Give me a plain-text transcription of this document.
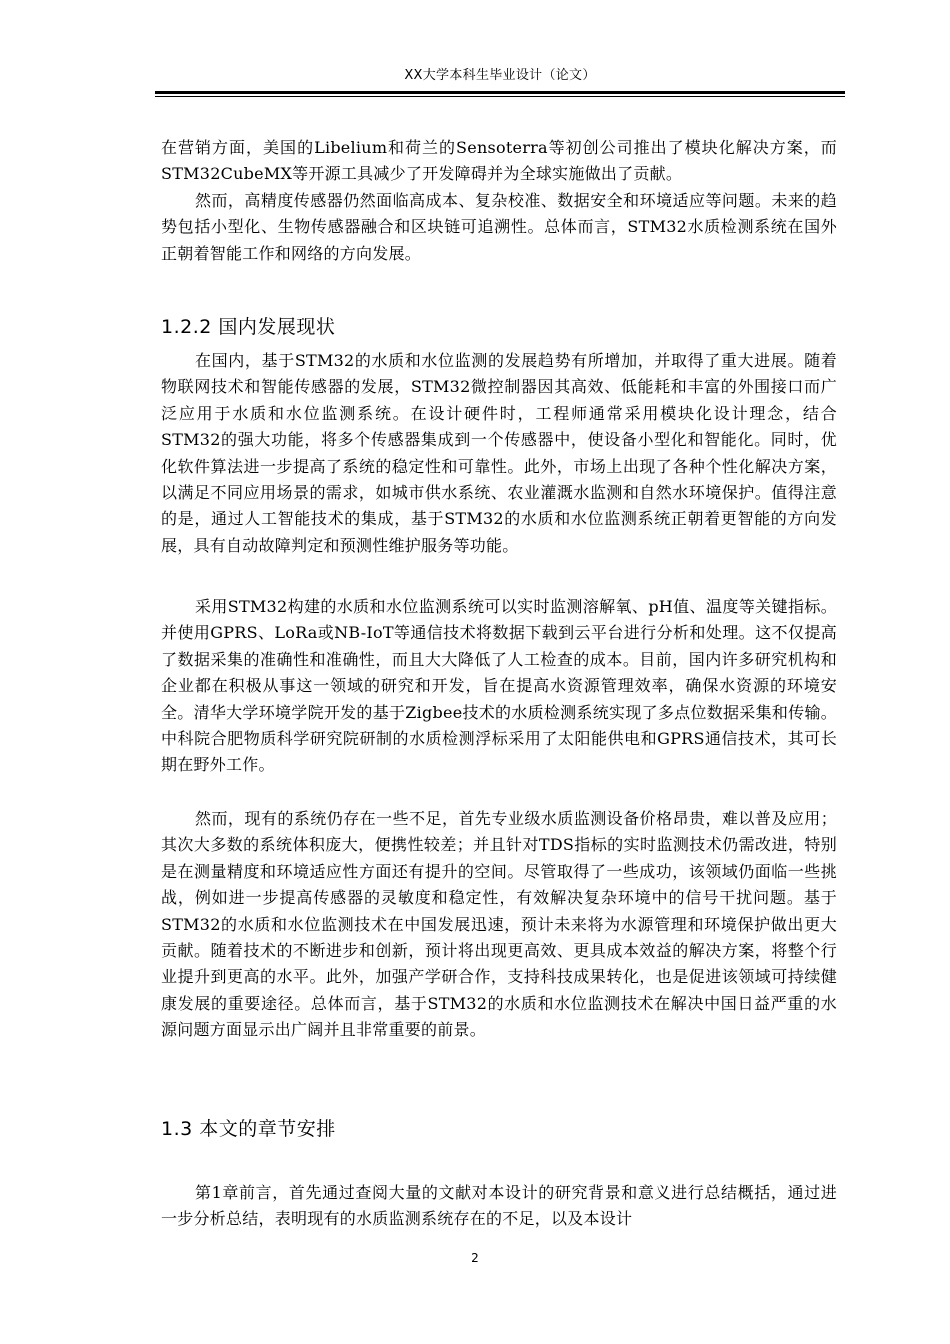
XX大学本科生毕业设计（论文）

在营销方面，美国的Libelium和荷兰的Sensoterra等初创公司推出了模块化解决方案，而STM32CubeMX等开源工具减少了开发障碍并为全球实施做出了贡献。

然而，高精度传感器仍然面临高成本、复杂校准、数据安全和环境适应等问题。未来的趋势包括小型化、生物传感器融合和区块链可追溯性。总体而言，STM32水质检测系统在国外正朝着智能工作和网络的方向发展。

1.2.2 国内发展现状

在国内，基于STM32的水质和水位监测的发展趋势有所增加，并取得了重大进展。随着物联网技术和智能传感器的发展，STM32微控制器因其高效、低能耗和丰富的外围接口而广泛应用于水质和水位监测系统。在设计硬件时，工程师通常采用模块化设计理念，结合STM32的强大功能，将多个传感器集成到一个传感器中，使设备小型化和智能化。同时，优化软件算法进一步提高了系统的稳定性和可靠性。此外，市场上出现了各种个性化解决方案，以满足不同应用场景的需求，如城市供水系统、农业灌溉水监测和自然水环境保护。值得注意的是，通过人工智能技术的集成，基于STM32的水质和水位监测系统正朝着更智能的方向发展，具有自动故障判定和预测性维护服务等功能。

采用STM32构建的水质和水位监测系统可以实时监测溶解氧、pH值、温度等关键指标。并使用GPRS、LoRa或NB-IoT等通信技术将数据下载到云平台进行分析和处理。这不仅提高了数据采集的准确性和准确性，而且大大降低了人工检查的成本。目前，国内许多研究机构和企业都在积极从事这一领域的研究和开发，旨在提高水资源管理效率，确保水资源的环境安全。清华大学环境学院开发的基于Zigbee技术的水质检测系统实现了多点位数据采集和传输。中科院合肥物质科学研究院研制的水质检测浮标采用了太阳能供电和GPRS通信技术，其可长期在野外工作。

然而，现有的系统仍存在一些不足，首先专业级水质监测设备价格昂贵，难以普及应用；其次大多数的系统体积庞大，便携性较差；并且针对TDS指标的实时监测技术仍需改进，特别是在测量精度和环境适应性方面还有提升的空间。尽管取得了一些成功，该领域仍面临一些挑战，例如进一步提高传感器的灵敏度和稳定性，有效解决复杂环境中的信号干扰问题。基于STM32的水质和水位监测技术在中国发展迅速，预计未来将为水源管理和环境保护做出更大贡献。随着技术的不断进步和创新，预计将出现更高效、更具成本效益的解决方案，将整个行业提升到更高的水平。此外，加强产学研合作，支持科技成果转化，也是促进该领域可持续健康发展的重要途径。总体而言，基于STM32的水质和水位监测技术在解决中国日益严重的水源问题方面显示出广阔并且非常重要的前景。

1.3 本文的章节安排

第1章前言，首先通过查阅大量的文献对本设计的研究背景和意义进行总结概括，通过进一步分析总结，表明现有的水质监测系统存在的不足，以及本设计

2
